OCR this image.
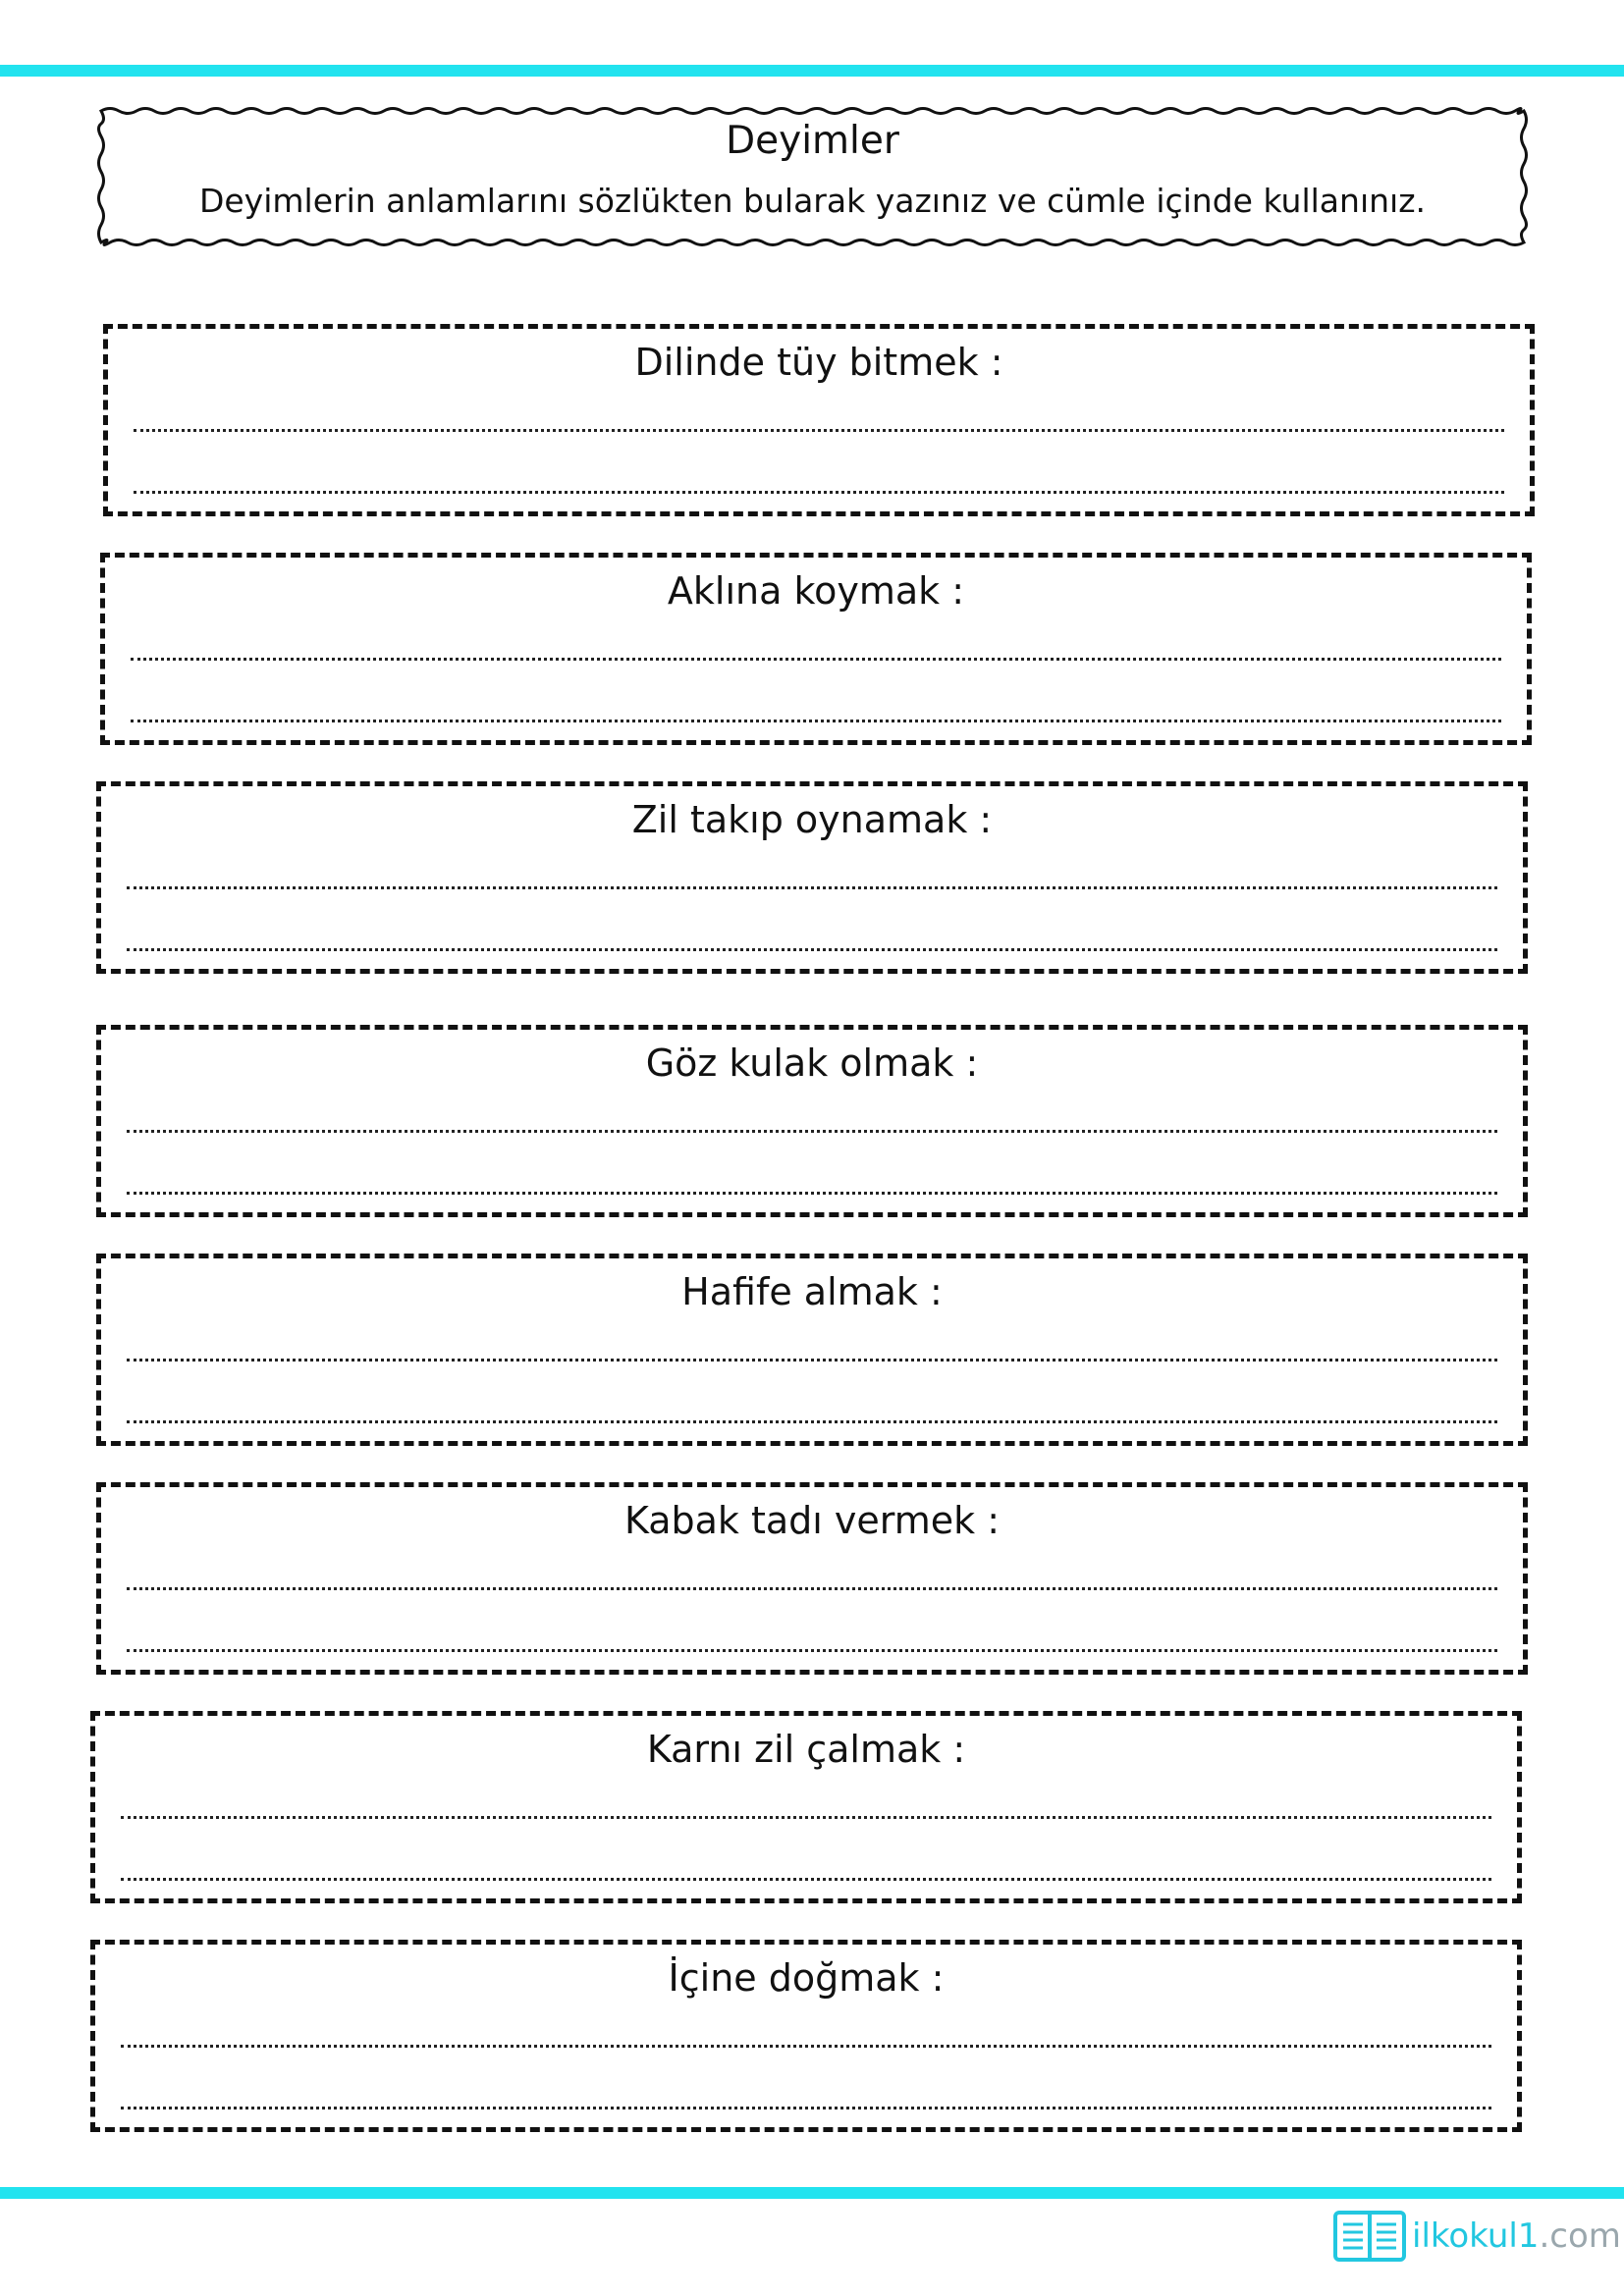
Deyimler
Deyimlerin anlamlarını sözlükten bularak yazınız ve cümle içinde kullanınız.
Dilinde tüy bitmek :
Aklına koymak :
Zil takıp oynamak :
Göz kulak olmak :
Hafife almak :
Kabak tadı vermek :
Karnı zil çalmak :
İçine doğmak :
ilkokul1.com
